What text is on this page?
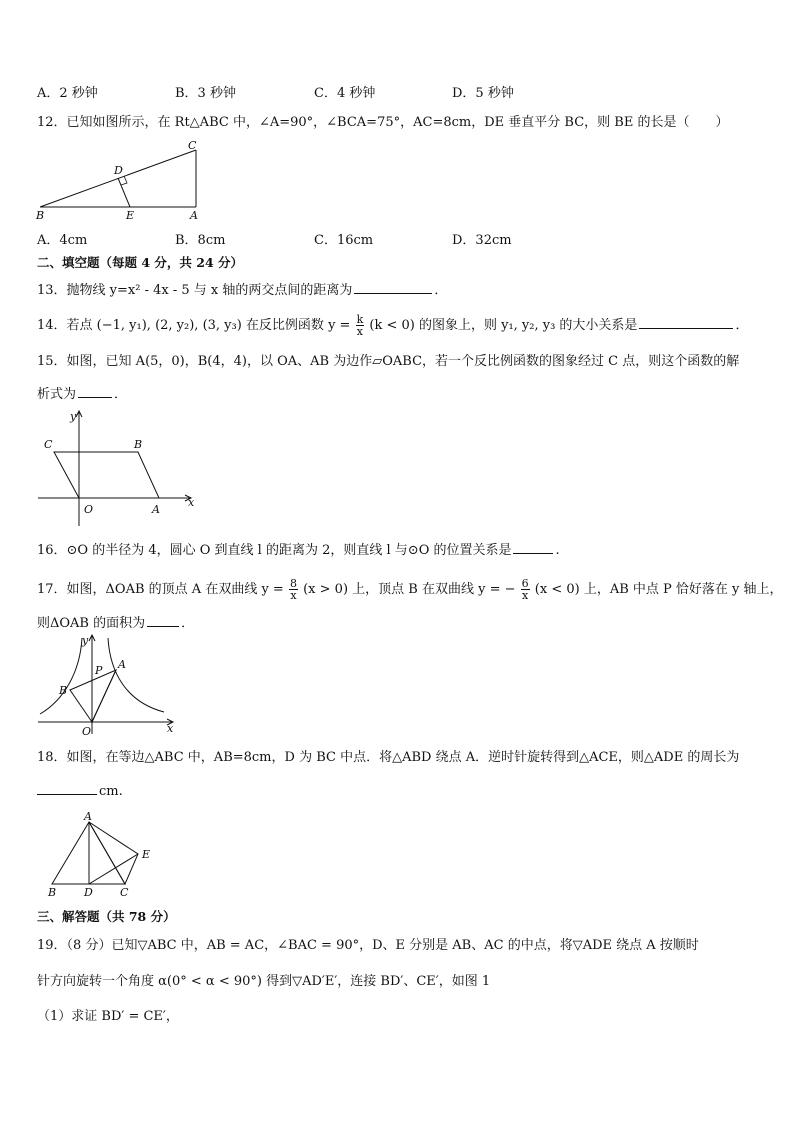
A．2 秒钟	B．3 秒钟	C．4 秒钟	D．5 秒钟
12．已知如图所示，在 Rt△ABC 中，∠A=90°，∠BCA=75°，AC=8cm，DE 垂直平分 BC，则 BE 的长是（　　）
B	E	A
C
D
A．4cm	B．8cm	C．16cm	D．32cm
二、填空题（每题 4 分，共 24 分）
13．抛物线 y=x² - 4x - 5 与 x 轴的两交点间的距离为	．
14．若点 (−1, y₁), (2, y₂), (3, y₃) 在反比例函数 $y = \frac{k}{x} (k < 0)$ 的图象上，则 y₁, y₂, y₃ 的大小关系是	．
15．如图，已知 A(5，0)，B(4，4)，以 OA、AB 为边作▱OABC，若一个反比例函数的图象经过 C 点，则这个函数的解
析式为	．
y
x
C	B
O	A
16．⊙O 的半径为 4，圆心 O 到直线 l 的距离为 2，则直线 l 与⊙O 的位置关系是	.
17．如图，ΔOAB 的顶点 A 在双曲线 $y = \frac{8}{x} (x > 0)$ 上，顶点 B 在双曲线 y = − $\frac{6}{x} (x < 0)$ 上，AB 中点 P 恰好落在 y 轴上，
则ΔOAB 的面积为	．
y
x
P A
B
O
18．如图，在等边△ABC 中，AB=8cm，D 为 BC 中点．将△ABD 绕点 A．逆时针旋转得到△ACE，则△ADE 的周长为
cm.
A
B	D C
E
三、解答题（共 78 分）
19．（8 分）已知▽ABC 中，AB = AC，∠BAC = 90°，D、E 分别是 AB、AC 的中点，将▽ADE 绕点 A 按顺时
针方向旋转一个角度 α(0° < α < 90°) 得到▽AD′E′，连接 BD′、CE′，如图 1
（1）求证 BD′ = CE′，
